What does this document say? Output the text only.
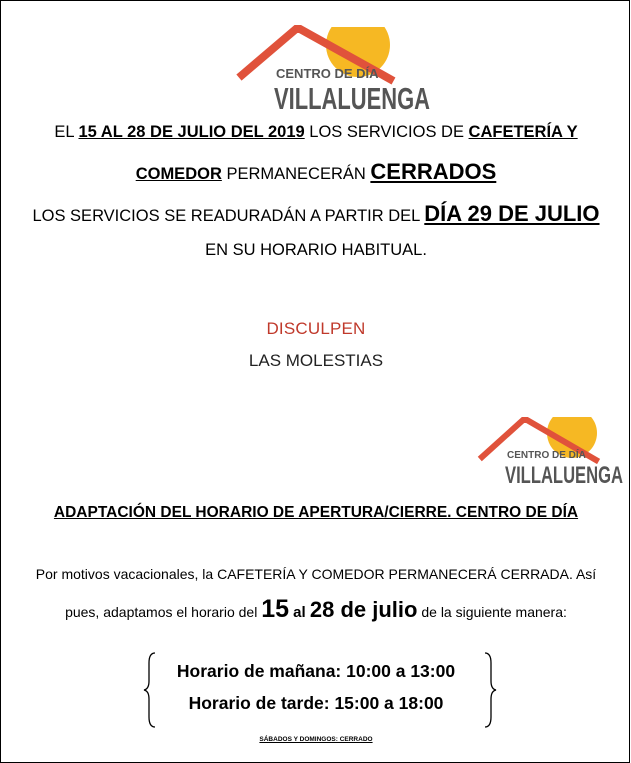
CENTRO DE DÍA
VILLALUENGA
EL 15 AL 28 DE JULIO DEL 2019 LOS SERVICIOS DE CAFETERÍA Y
COMEDOR PERMANECERÁN CERRADOS
LOS SERVICIOS SE READURADÁN A PARTIR DEL DÍA 29 DE JULIO
EN SU HORARIO HABITUAL.
DISCULPEN
LAS MOLESTIAS
CENTRO DE DÍA
VILLALUENGA
ADAPTACIÓN DEL HORARIO DE APERTURA/CIERRE. CENTRO DE DÍA
Por motivos vacacionales, la CAFETERÍA Y COMEDOR PERMANECERÁ CERRADA. Así
pues, adaptamos el horario del 15 al 28 de julio de la siguiente manera:
Horario de mañana: 10:00 a 13:00
Horario de tarde: 15:00 a 18:00
SÁBADOS Y DOMINGOS: CERRADO
